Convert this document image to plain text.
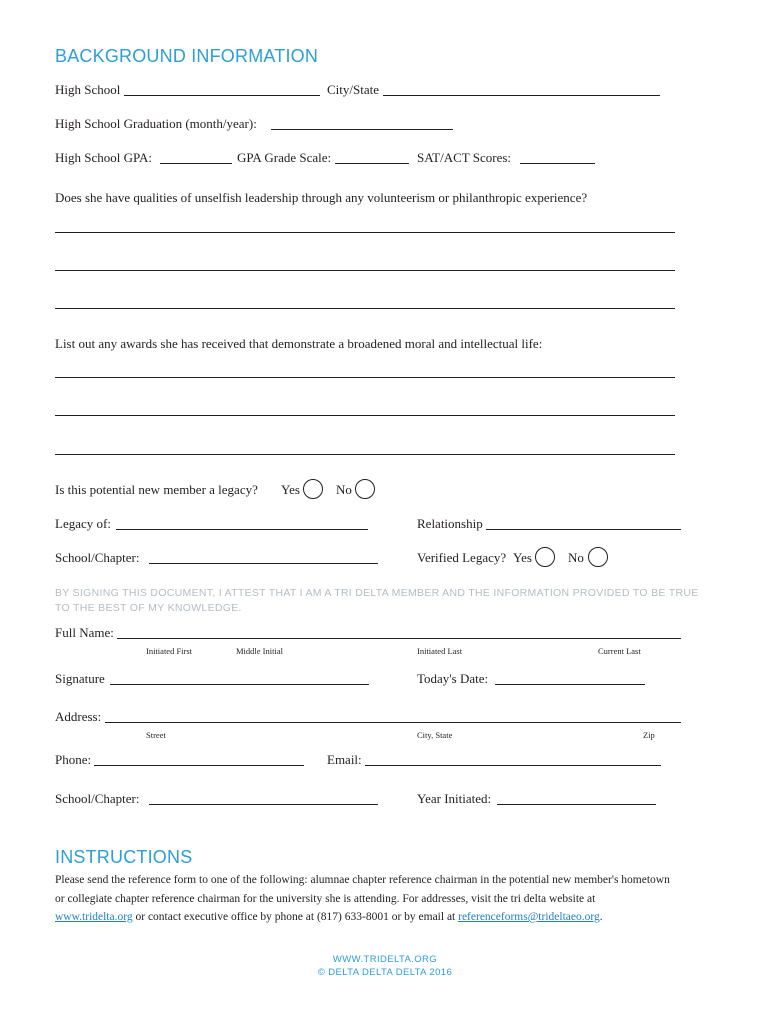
BACKGROUND INFORMATION
High School	City/State
High School Graduation (month/year):
High School GPA:	GPA Grade Scale:	SAT/ACT Scores:
Does she have qualities of unselfish leadership through any volunteerism or philanthropic experience?
List out any awards she has received that demonstrate a broadened moral and intellectual life:
Is this potential new member a legacy? Yes	No
Legacy of:	Relationship
School/Chapter:	Verified Legacy? Yes	No
BY SIGNING THIS DOCUMENT, I ATTEST THAT I AM A TRI DELTA MEMBER AND THE INFORMATION PROVIDED TO BE TRUE
TO THE BEST OF MY KNOWLEDGE.
Full Name:
Initiated First	Middle Initial	Initiated Last	Current Last
Signature	Today's Date:
Address:
Street	City, State	Zip
Phone:	Email:
School/Chapter:	Year Initiated:
INSTRUCTIONS
Please send the reference form to one of the following: alumnae chapter reference chairman in the potential new member's hometown
or collegiate chapter reference chairman for the university she is attending. For addresses, visit the tri delta website at
www.tridelta.org or contact executive office by phone at (817) 633-8001 or by email at referenceforms@trideltaeo.org.
WWW.TRIDELTA.ORG
© DELTA DELTA DELTA 2016
